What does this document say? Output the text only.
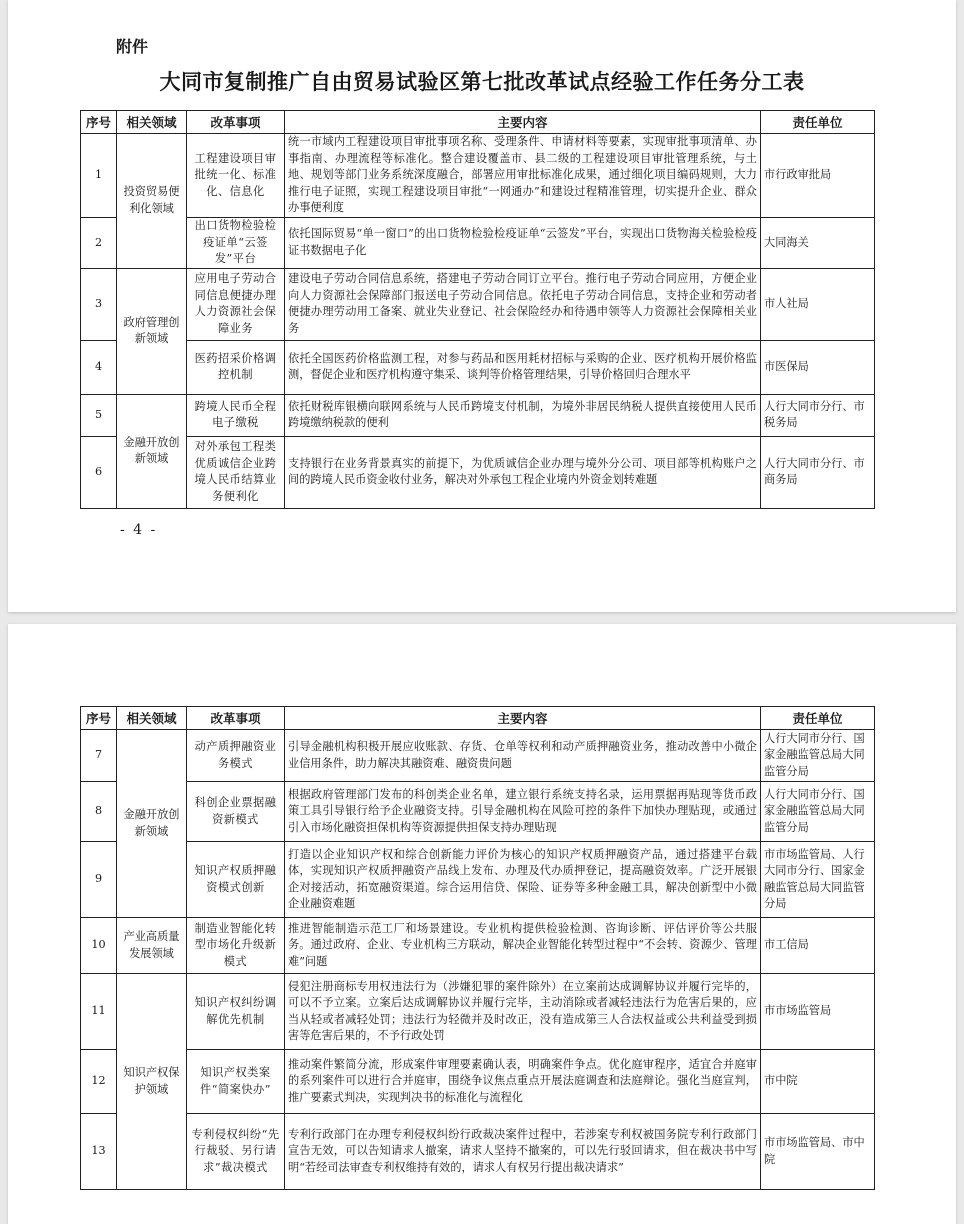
附件
大同市复制推广自由贸易试验区第七批改革试点经验工作任务分工表
序号	相关领域	改革事项	主要内容	责任单位
1	投资贸易便利化领域	工程建设项目审批统一化、标准化、信息化	统一市域内工程建设项目审批事项名称、受理条件、申请材料等要素，实现审批事项清单、办事指南、办理流程等标准化。整合建设覆盖市、县二级的工程建设项目审批管理系统，与土地、规划等部门业务系统深度融合，部署应用审批标准化成果，通过细化项目编码规则，大力推行电子证照，实现工程建设项目审批“一网通办”和建设过程精准管理，切实提升企业、群众办事便利度	市行政审批局
2		出口货物检验检疫证单“云签发”平台	依托国际贸易“单一窗口”的出口货物检验检疫证单“云签发”平台，实现出口货物海关检验检疫证书数据电子化	大同海关
3	政府管理创新领域	应用电子劳动合同信息便捷办理人力资源社会保障业务	建设电子劳动合同信息系统，搭建电子劳动合同订立平台。推行电子劳动合同应用，方便企业向人力资源社会保障部门报送电子劳动合同信息。依托电子劳动合同信息，支持企业和劳动者便捷办理劳动用工备案、就业失业登记、社会保险经办和待遇申领等人力资源社会保障相关业务	市人社局
4		医药招采价格调控机制	依托全国医药价格监测工程，对参与药品和医用耗材招标与采购的企业、医疗机构开展价格监测，督促企业和医疗机构遵守集采、谈判等价格管理结果，引导价格回归合理水平	市医保局
5	金融开放创新领域	跨境人民币全程电子缴税	依托财税库银横向联网系统与人民币跨境支付机制，为境外非居民纳税人提供直接使用人民币跨境缴纳税款的便利	人行大同市分行、市税务局
6		对外承包工程类优质诚信企业跨境人民币结算业务便利化	支持银行在业务背景真实的前提下，为优质诚信企业办理与境外分公司、项目部等机构账户之间的跨境人民币资金收付业务，解决对外承包工程企业境内外资金划转难题	人行大同市分行、市商务局
- 4 -
序号	相关领域	改革事项	主要内容	责任单位
7	金融开放创新领域	动产质押融资业务模式	引导金融机构积极开展应收账款、存货、仓单等权利和动产质押融资业务，推动改善中小微企业信用条件，助力解决其融资难、融资贵问题	人行大同市分行、国家金融监管总局大同监管分局
8		科创企业票据融资新模式	根据政府管理部门发布的科创类企业名单，建立银行系统支持名录，运用票据再贴现等货币政策工具引导银行给予企业融资支持。引导金融机构在风险可控的条件下加快办理贴现，或通过引入市场化融资担保机构等资源提供担保支持办理贴现	人行大同市分行、国家金融监管总局大同监管分局
9		知识产权质押融资模式创新	打造以企业知识产权和综合创新能力评价为核心的知识产权质押融资产品，通过搭建平台载体，实现知识产权质押融资产品线上发布、办理及代办质押登记，提高融资效率。广泛开展银企对接活动，拓宽融资渠道。综合运用信贷、保险、证券等多种金融工具，解决创新型中小微企业融资难题	市市场监管局、人行大同市分行、国家金融监管总局大同监管分局
10	产业高质量发展领域	制造业智能化转型市场化升级新模式	推进智能制造示范工厂和场景建设。专业机构提供检验检测、咨询诊断、评估评价等公共服务。通过政府、企业、专业机构三方联动，解决企业智能化转型过程中“不会转、资源少、管理难”问题	市工信局
11	知识产权保护领域	知识产权纠纷调解优先机制	侵犯注册商标专用权违法行为（涉嫌犯罪的案件除外）在立案前达成调解协议并履行完毕的，可以不予立案。立案后达成调解协议并履行完毕，主动消除或者减轻违法行为危害后果的，应当从轻或者减轻处罚；违法行为轻微并及时改正，没有造成第三人合法权益或公共利益受到损害等危害后果的，不予行政处罚	市市场监管局
12		知识产权类案件“简案快办”	推动案件繁简分流，形成案件审理要素确认表，明确案件争点。优化庭审程序，适宜合并庭审的系列案件可以进行合并庭审，围绕争议焦点重点开展法庭调查和法庭辩论。强化当庭宣判，推广要素式判决，实现判决书的标准化与流程化	市中院
13		专利侵权纠纷“先行裁驳、另行请求”裁决模式	专利行政部门在办理专利侵权纠纷行政裁决案件过程中，若涉案专利权被国务院专利行政部门宣告无效，可以告知请求人撤案，请求人坚持不撤案的，可以先行驳回请求，但在裁决书中写明“若经司法审查专利权维持有效的，请求人有权另行提出裁决请求”	市市场监管局、市中院
